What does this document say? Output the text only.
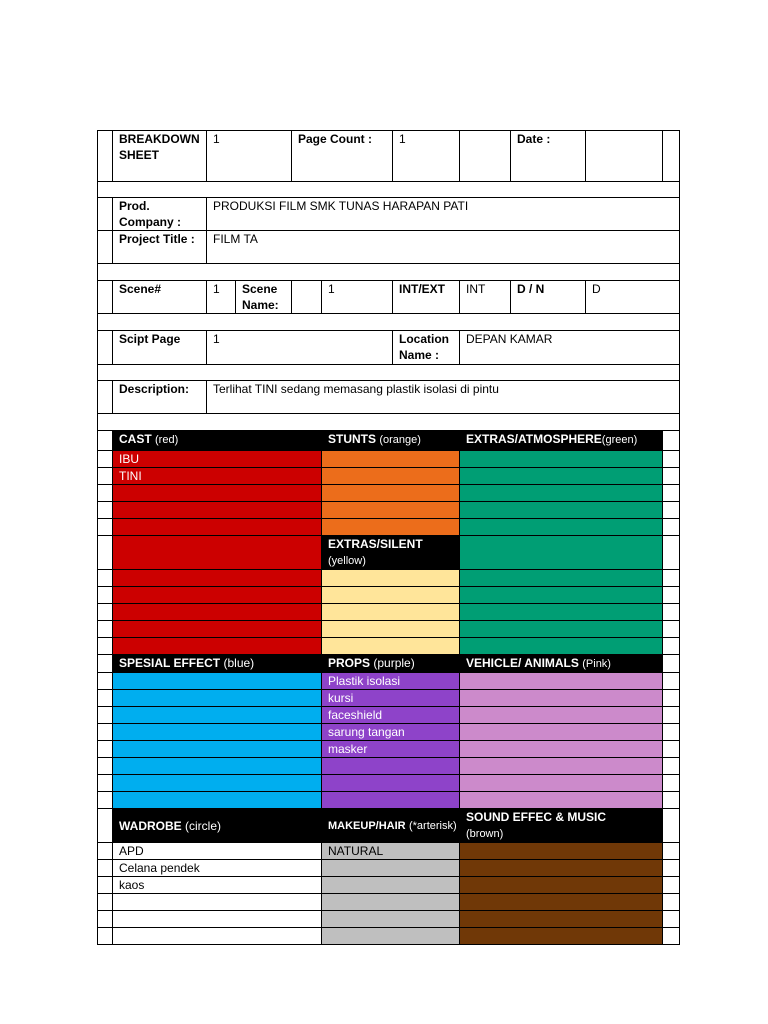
	BREAKDOWN SHEET	1		Page Count :		1		Date :		

	Prod. Company :	PRODUKSI FILM SMK TUNAS HARAPAN PATI								
	Project Title :	FILM TA								

	Scene#	1	Scene Name:		1	INT/EXT	INT	D / N	D	

	Scipt Page	1				Location Name :	DEPAN KAMAR			

	Description:	Terlihat TINI sedang memasang plastik isolasi di pintu								

	CAST (red)				STUNTS (orange)		EXTRAS/ATMOSPHERE(green)			
	IBU									
	TINI									

					EXTRAS/SILENT (yellow)					

	SPESIAL EFFECT (blue)				PROPS (purple)		VEHICLE/ ANIMALS (Pink)			
					Plastik isolasi					
					kursi					
					faceshield					
					sarung tangan					
					masker					

	WADROBE (circle)				MAKEUP/HAIR (*arterisk)		SOUND EFFEC & MUSIC
(brown)			
	APD				NATURAL					
	Celana pendek									
	kaos									
